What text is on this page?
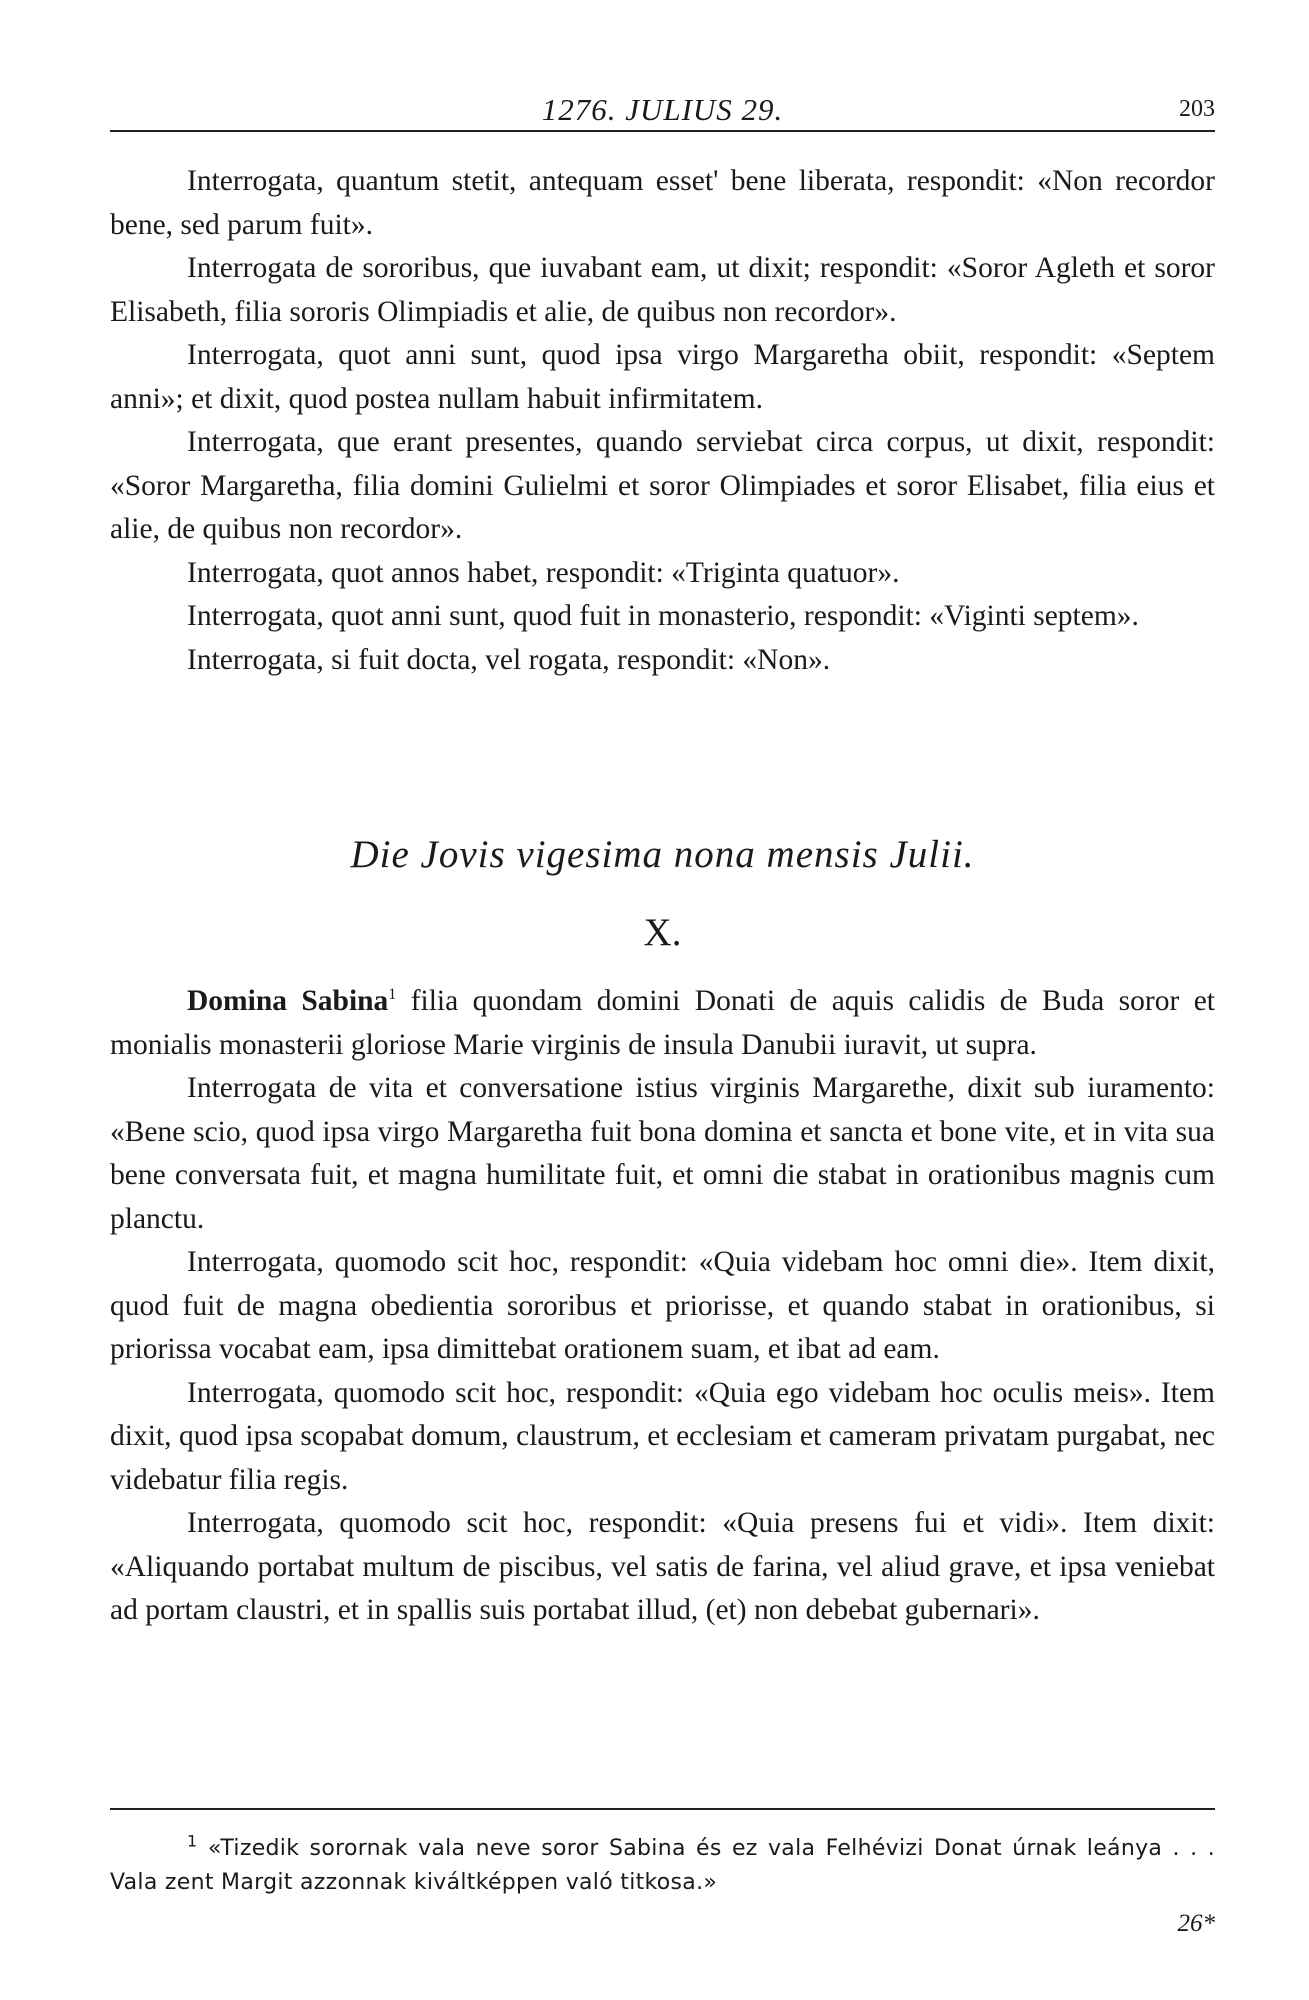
1276. JULIUS 29.	203

Interrogata, quantum stetit, antequam esset' bene liberata, respondit: «Non recordor bene, sed parum fuit».

Interrogata de sororibus, que iuvabant eam, ut dixit; respondit: «Soror Agleth et soror Elisabeth, filia sororis Olimpiadis et alie, de quibus non recordor».

Interrogata, quot anni sunt, quod ipsa virgo Margaretha obiit, respondit: «Septem anni»; et dixit, quod postea nullam habuit infirmitatem.

Interrogata, que erant presentes, quando serviebat circa corpus, ut dixit, respondit: «Soror Margaretha, filia domini Gulielmi et soror Olimpiades et soror Elisabet, filia eius et alie, de quibus non recordor».

Interrogata, quot annos habet, respondit: «Triginta quatuor».

Interrogata, quot anni sunt, quod fuit in monasterio, respondit: «Viginti septem».

Interrogata, si fuit docta, vel rogata, respondit: «Non».

Die Jovis vigesima nona mensis Julii.
X.

Domina Sabina$^1$ filia quondam domini Donati de aquis calidis de Buda soror et monialis monasterii gloriose Marie virginis de insula Danubii iuravit, ut supra.

Interrogata de vita et conversatione istius virginis Margarethe, dixit sub iuramento: «Bene scio, quod ipsa virgo Margaretha fuit bona domina et sancta et bone vite, et in vita sua bene conversata fuit, et magna humilitate fuit, et omni die stabat in orationibus magnis cum planctu.

Interrogata, quomodo scit hoc, respondit: «Quia videbam hoc omni die». Item dixit, quod fuit de magna obedientia sororibus et priorisse, et quando stabat in orationibus, si priorissa vocabat eam, ipsa dimittebat orationem suam, et ibat ad eam.

Interrogata, quomodo scit hoc, respondit: «Quia ego videbam hoc oculis meis». Item dixit, quod ipsa scopabat domum, claustrum, et ecclesiam et cameram privatam purgabat, nec videbatur filia regis.

Interrogata, quomodo scit hoc, respondit: «Quia presens fui et vidi». Item dixit: «Aliquando portabat multum de piscibus, vel satis de farina, vel aliud grave, et ipsa veniebat ad portam claustri, et in spallis suis portabat illud, (et) non debebat gubernari».

$^1$ «Tizedik sorornak vala neve soror Sabina és ez vala Felhévizi Donat úrnak leánya . . . Vala zent Margit azzonnak kiváltképpen való titkosa.»

26*
